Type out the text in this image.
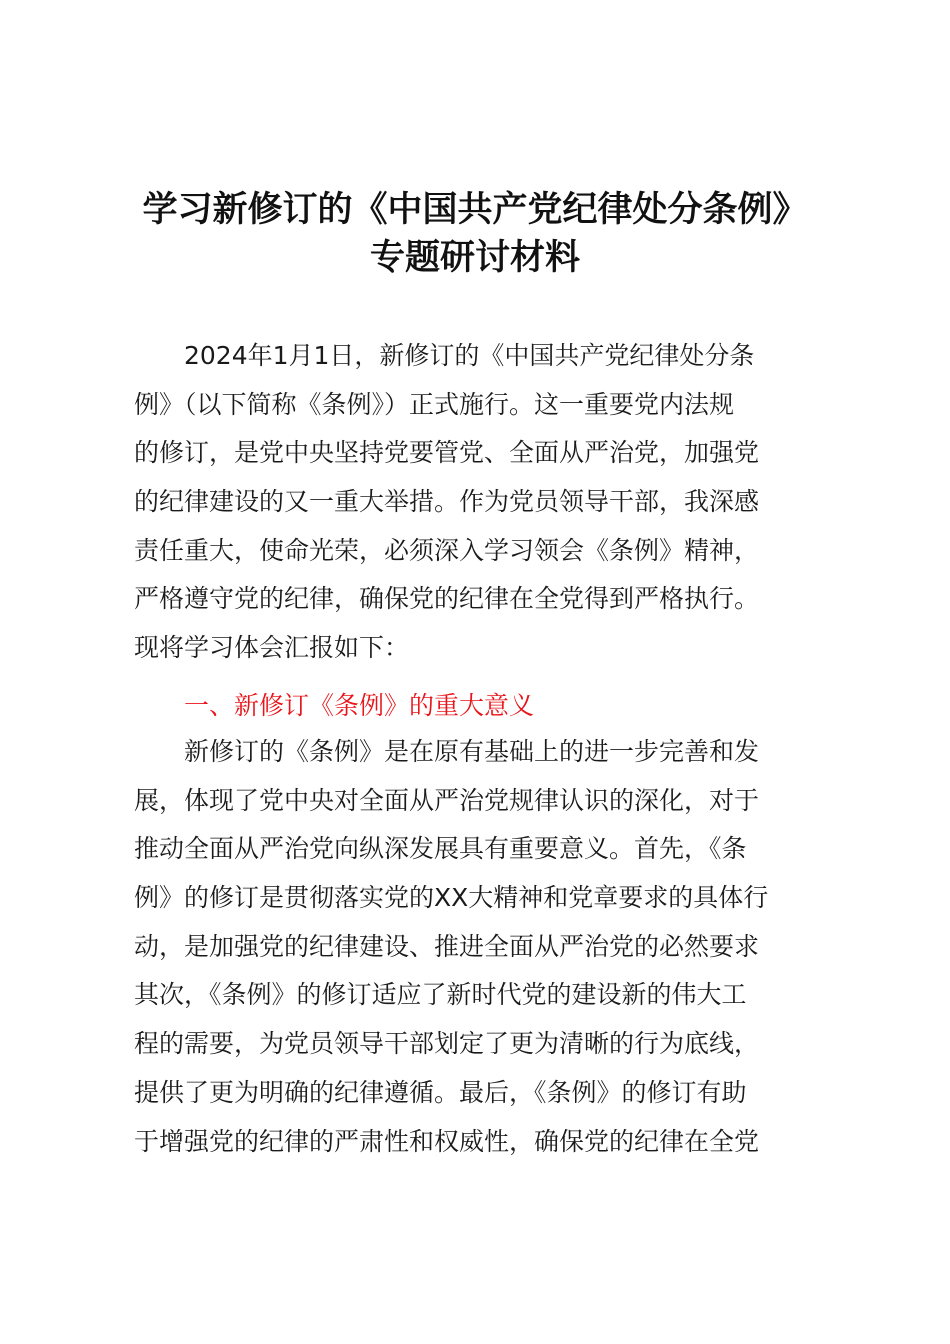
学习新修订的《中国共产党纪律处分条例》
专题研讨材料
2024年1月1日，新修订的《中国共产党纪律处分条
例》（以下简称《条例》）正式施行。这一重要党内法规
的修订，是党中央坚持党要管党、全面从严治党，加强党
的纪律建设的又一重大举措。作为党员领导干部，我深感
责任重大，使命光荣，必须深入学习领会《条例》精神，
严格遵守党的纪律，确保党的纪律在全党得到严格执行。
现将学习体会汇报如下：
一、新修订《条例》的重大意义
新修订的《条例》是在原有基础上的进一步完善和发
展，体现了党中央对全面从严治党规律认识的深化，对于
推动全面从严治党向纵深发展具有重要意义。首先，《条
例》的修订是贯彻落实党的XX大精神和党章要求的具体行
动，是加强党的纪律建设、推进全面从严治党的必然要求
其次，《条例》的修订适应了新时代党的建设新的伟大工
程的需要，为党员领导干部划定了更为清晰的行为底线，
提供了更为明确的纪律遵循。最后，《条例》的修订有助
于增强党的纪律的严肃性和权威性，确保党的纪律在全党
